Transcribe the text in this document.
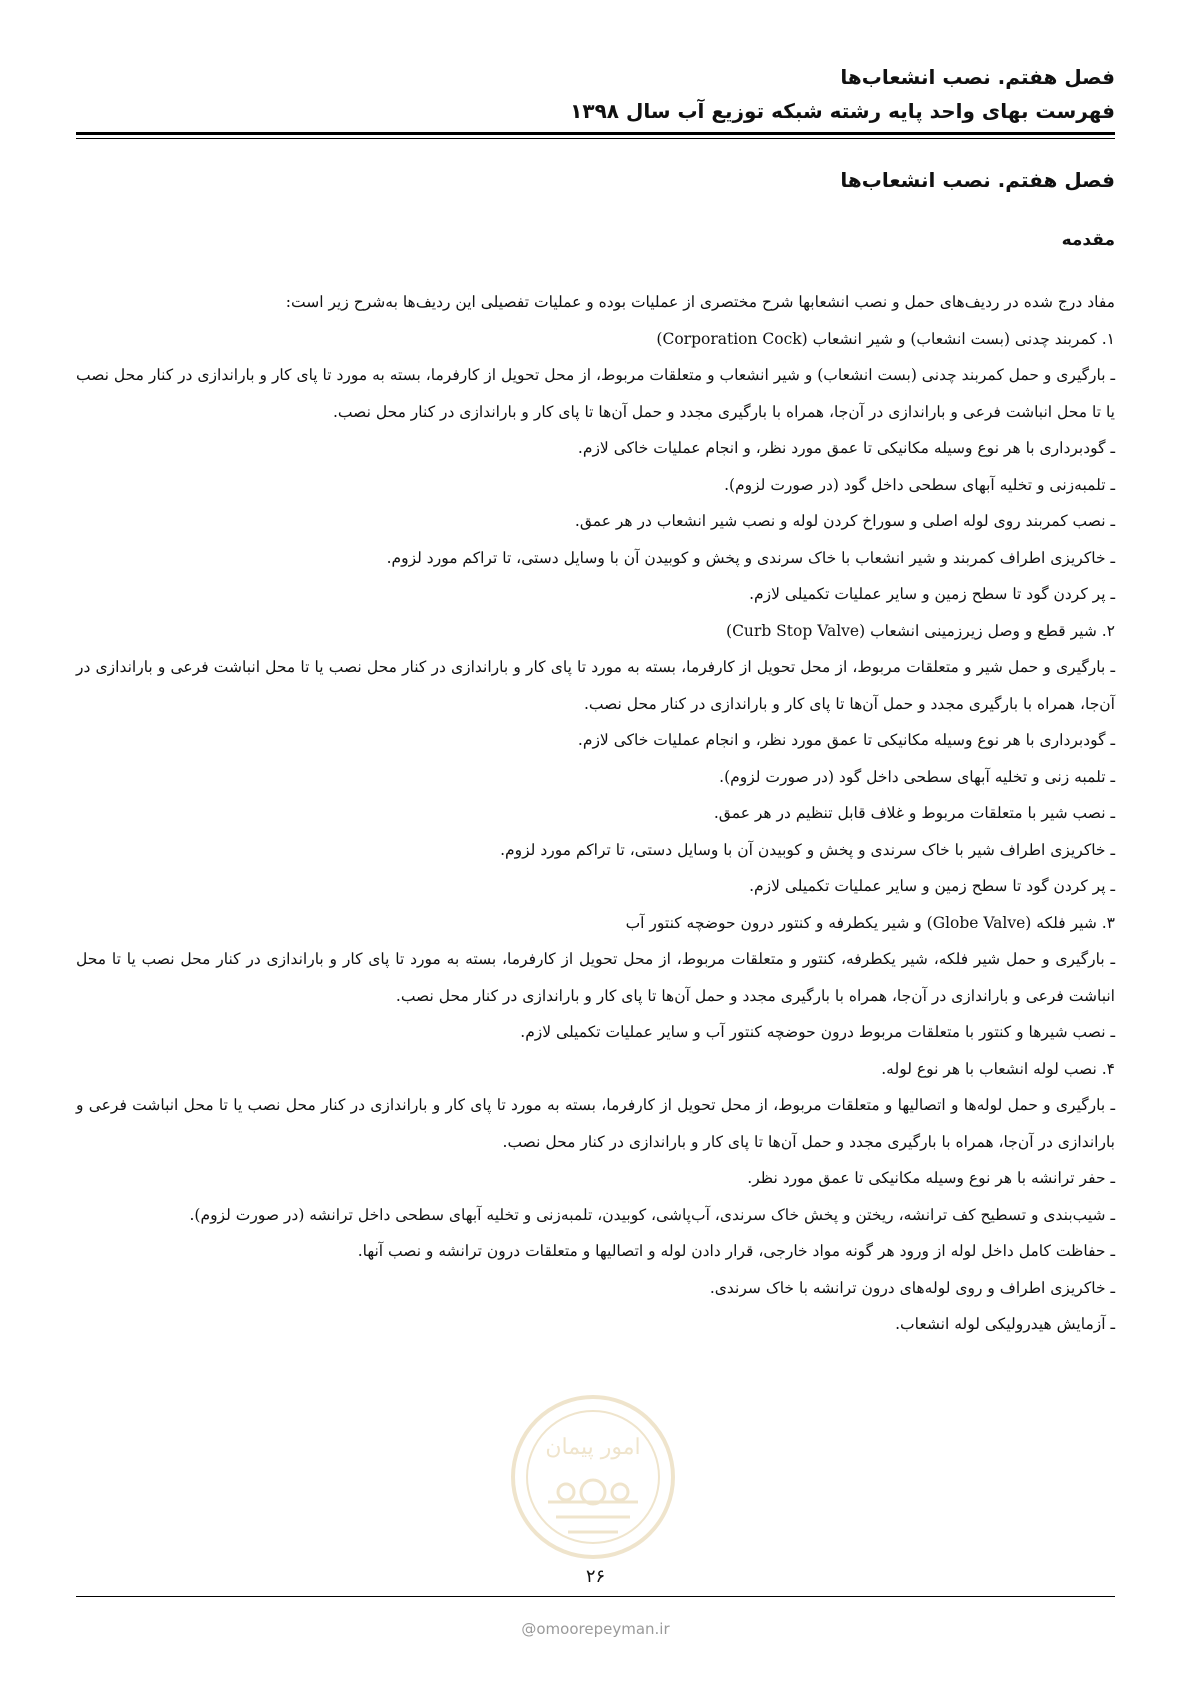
فصل هفتم. نصب انشعاب‌ها
فهرست بهای واحد پایه رشته شبکه توزیع آب سال ۱۳۹۸
فصل هفتم. نصب انشعاب‌ها
مقدمه

مفاد درج شده در ردیف‌های حمل و نصب انشعابها شرح مختصری از عملیات بوده و عملیات تفصیلی این ردیف‌ها به‌شرح زیر است:

۱. کمربند چدنی (بست انشعاب) و شیر انشعاب (Corporation Cock)

ـ بارگیری و حمل کمربند چدنی (بست انشعاب) و شیر انشعاب و متعلقات مربوط، از محل تحویل از کارفرما، بسته به مورد تا پای کار و باراندازی در کنار محل نصب یا تا محل انباشت فرعی و باراندازی در آن‌جا، همراه با بارگیری مجدد و حمل آن‌ها تا پای کار و باراندازی در کنار محل نصب.

ـ گودبرداری با هر نوع وسیله مکانیکی تا عمق مورد نظر، و انجام عملیات خاکی لازم.

ـ تلمبه‌زنی و تخلیه آبهای سطحی داخل گود (در صورت لزوم).

ـ نصب کمربند روی لوله اصلی و سوراخ کردن لوله و نصب شیر انشعاب در هر عمق.

ـ خاکریزی اطراف کمربند و شیر انشعاب با خاک سرندی و پخش و کوبیدن آن با وسایل دستی، تا تراکم مورد لزوم.

ـ پر کردن گود تا سطح زمین و سایر عملیات تکمیلی لازم.

۲. شیر قطع و وصل زیرزمینی انشعاب (Curb Stop Valve)

ـ بارگیری و حمل شیر و متعلقات مربوط، از محل تحویل از کارفرما، بسته به مورد تا پای کار و باراندازی در کنار محل نصب یا تا محل انباشت فرعی و باراندازی در آن‌جا، همراه با بارگیری مجدد و حمل آن‌ها تا پای کار و باراندازی در کنار محل نصب.

ـ گودبرداری با هر نوع وسیله مکانیکی تا عمق مورد نظر، و انجام عملیات خاکی لازم.

ـ تلمبه زنی و تخلیه آبهای سطحی داخل گود (در صورت لزوم).

ـ نصب شیر با متعلقات مربوط و غلاف قابل تنظیم در هر عمق.

ـ خاکریزی اطراف شیر با خاک سرندی و پخش و کوبیدن آن با وسایل دستی، تا تراکم مورد لزوم.

ـ پر کردن گود تا سطح زمین و سایر عملیات تکمیلی لازم.

۳. شیر فلکه (Globe Valve) و شیر یکطرفه و کنتور درون حوضچه کنتور آب

ـ بارگیری و حمل شیر فلکه، شیر یکطرفه، کنتور و متعلقات مربوط، از محل تحویل از کارفرما، بسته به مورد تا پای کار و باراندازی در کنار محل نصب یا تا محل انباشت فرعی و باراندازی در آن‌جا، همراه با بارگیری مجدد و حمل آن‌ها تا پای کار و باراندازی در کنار محل نصب.

ـ نصب شیرها و کنتور با متعلقات مربوط درون حوضچه کنتور آب و سایر عملیات تکمیلی لازم.

۴. نصب لوله انشعاب با هر نوع لوله.

ـ بارگیری و حمل لوله‌ها و اتصالیها و متعلقات مربوط، از محل تحویل از کارفرما، بسته به مورد تا پای کار و باراندازی در کنار محل نصب یا تا محل انباشت فرعی و باراندازی در آن‌جا، همراه با بارگیری مجدد و حمل آن‌ها تا پای کار و باراندازی در کنار محل نصب.

ـ حفر ترانشه با هر نوع وسیله مکانیکی تا عمق مورد نظر.

ـ شیب‌بندی و تسطیح کف ترانشه، ریختن و پخش خاک سرندی، آب‌پاشی، کوبیدن، تلمبه‌زنی و تخلیه آبهای سطحی داخل ترانشه (در صورت لزوم).

ـ حفاظت کامل داخل لوله از ورود هر گونه مواد خارجی، قرار دادن لوله و اتصالیها و متعلقات درون ترانشه و نصب آنها.

ـ خاکریزی اطراف و روی لوله‌های درون ترانشه با خاک سرندی.

ـ آزمایش هیدرولیکی لوله انشعاب.

امور پیمان
۲۶
@omoorepeyman.ir
